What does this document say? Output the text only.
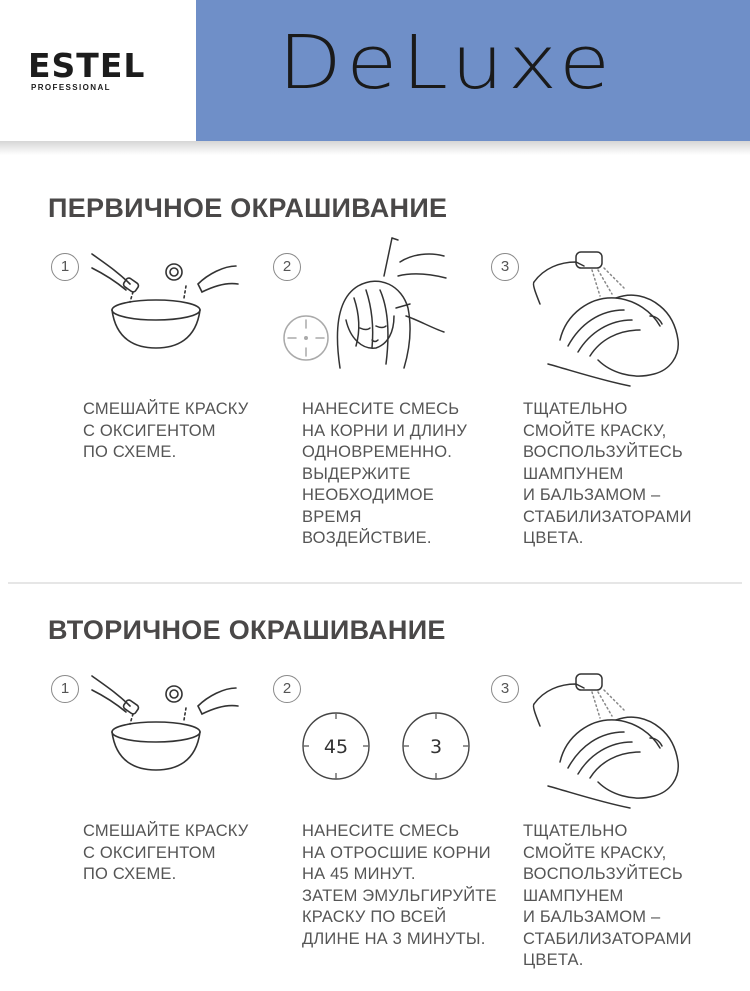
ESTEL
PROFESSIONAL DeLuxe
ПЕРВИЧНОЕ ОКРАШИВАНИЕ
1
СМЕШАЙТЕ КРАСКУ
С ОКСИГЕНТОМ
ПО СХЕМЕ.
2
НАНЕСИТЕ СМЕСЬ
НА КОРНИ И ДЛИНУ
ОДНОВРЕМЕННО.
ВЫДЕРЖИТЕ
НЕОБХОДИМОЕ
ВРЕМЯ
ВОЗДЕЙСТВИЕ.
3
ТЩАТЕЛЬНО
СМОЙТЕ КРАСКУ,
ВОСПОЛЬЗУЙТЕСЬ
ШАМПУНЕМ
И БАЛЬЗАМОМ –
СТАБИЛИЗАТОРАМИ
ЦВЕТА.
ВТОРИЧНОЕ ОКРАШИВАНИЕ
1
СМЕШАЙТЕ КРАСКУ
С ОКСИГЕНТОМ
ПО СХЕМЕ.
2
45	3
НАНЕСИТЕ СМЕСЬ
НА ОТРОСШИЕ КОРНИ
НА 45 МИНУТ.
ЗАТЕМ ЭМУЛЬГИРУЙТЕ
КРАСКУ ПО ВСЕЙ
ДЛИНЕ НА 3 МИНУТЫ.
3
ТЩАТЕЛЬНО
СМОЙТЕ КРАСКУ,
ВОСПОЛЬЗУЙТЕСЬ
ШАМПУНЕМ
И БАЛЬЗАМОМ –
СТАБИЛИЗАТОРАМИ
ЦВЕТА.
